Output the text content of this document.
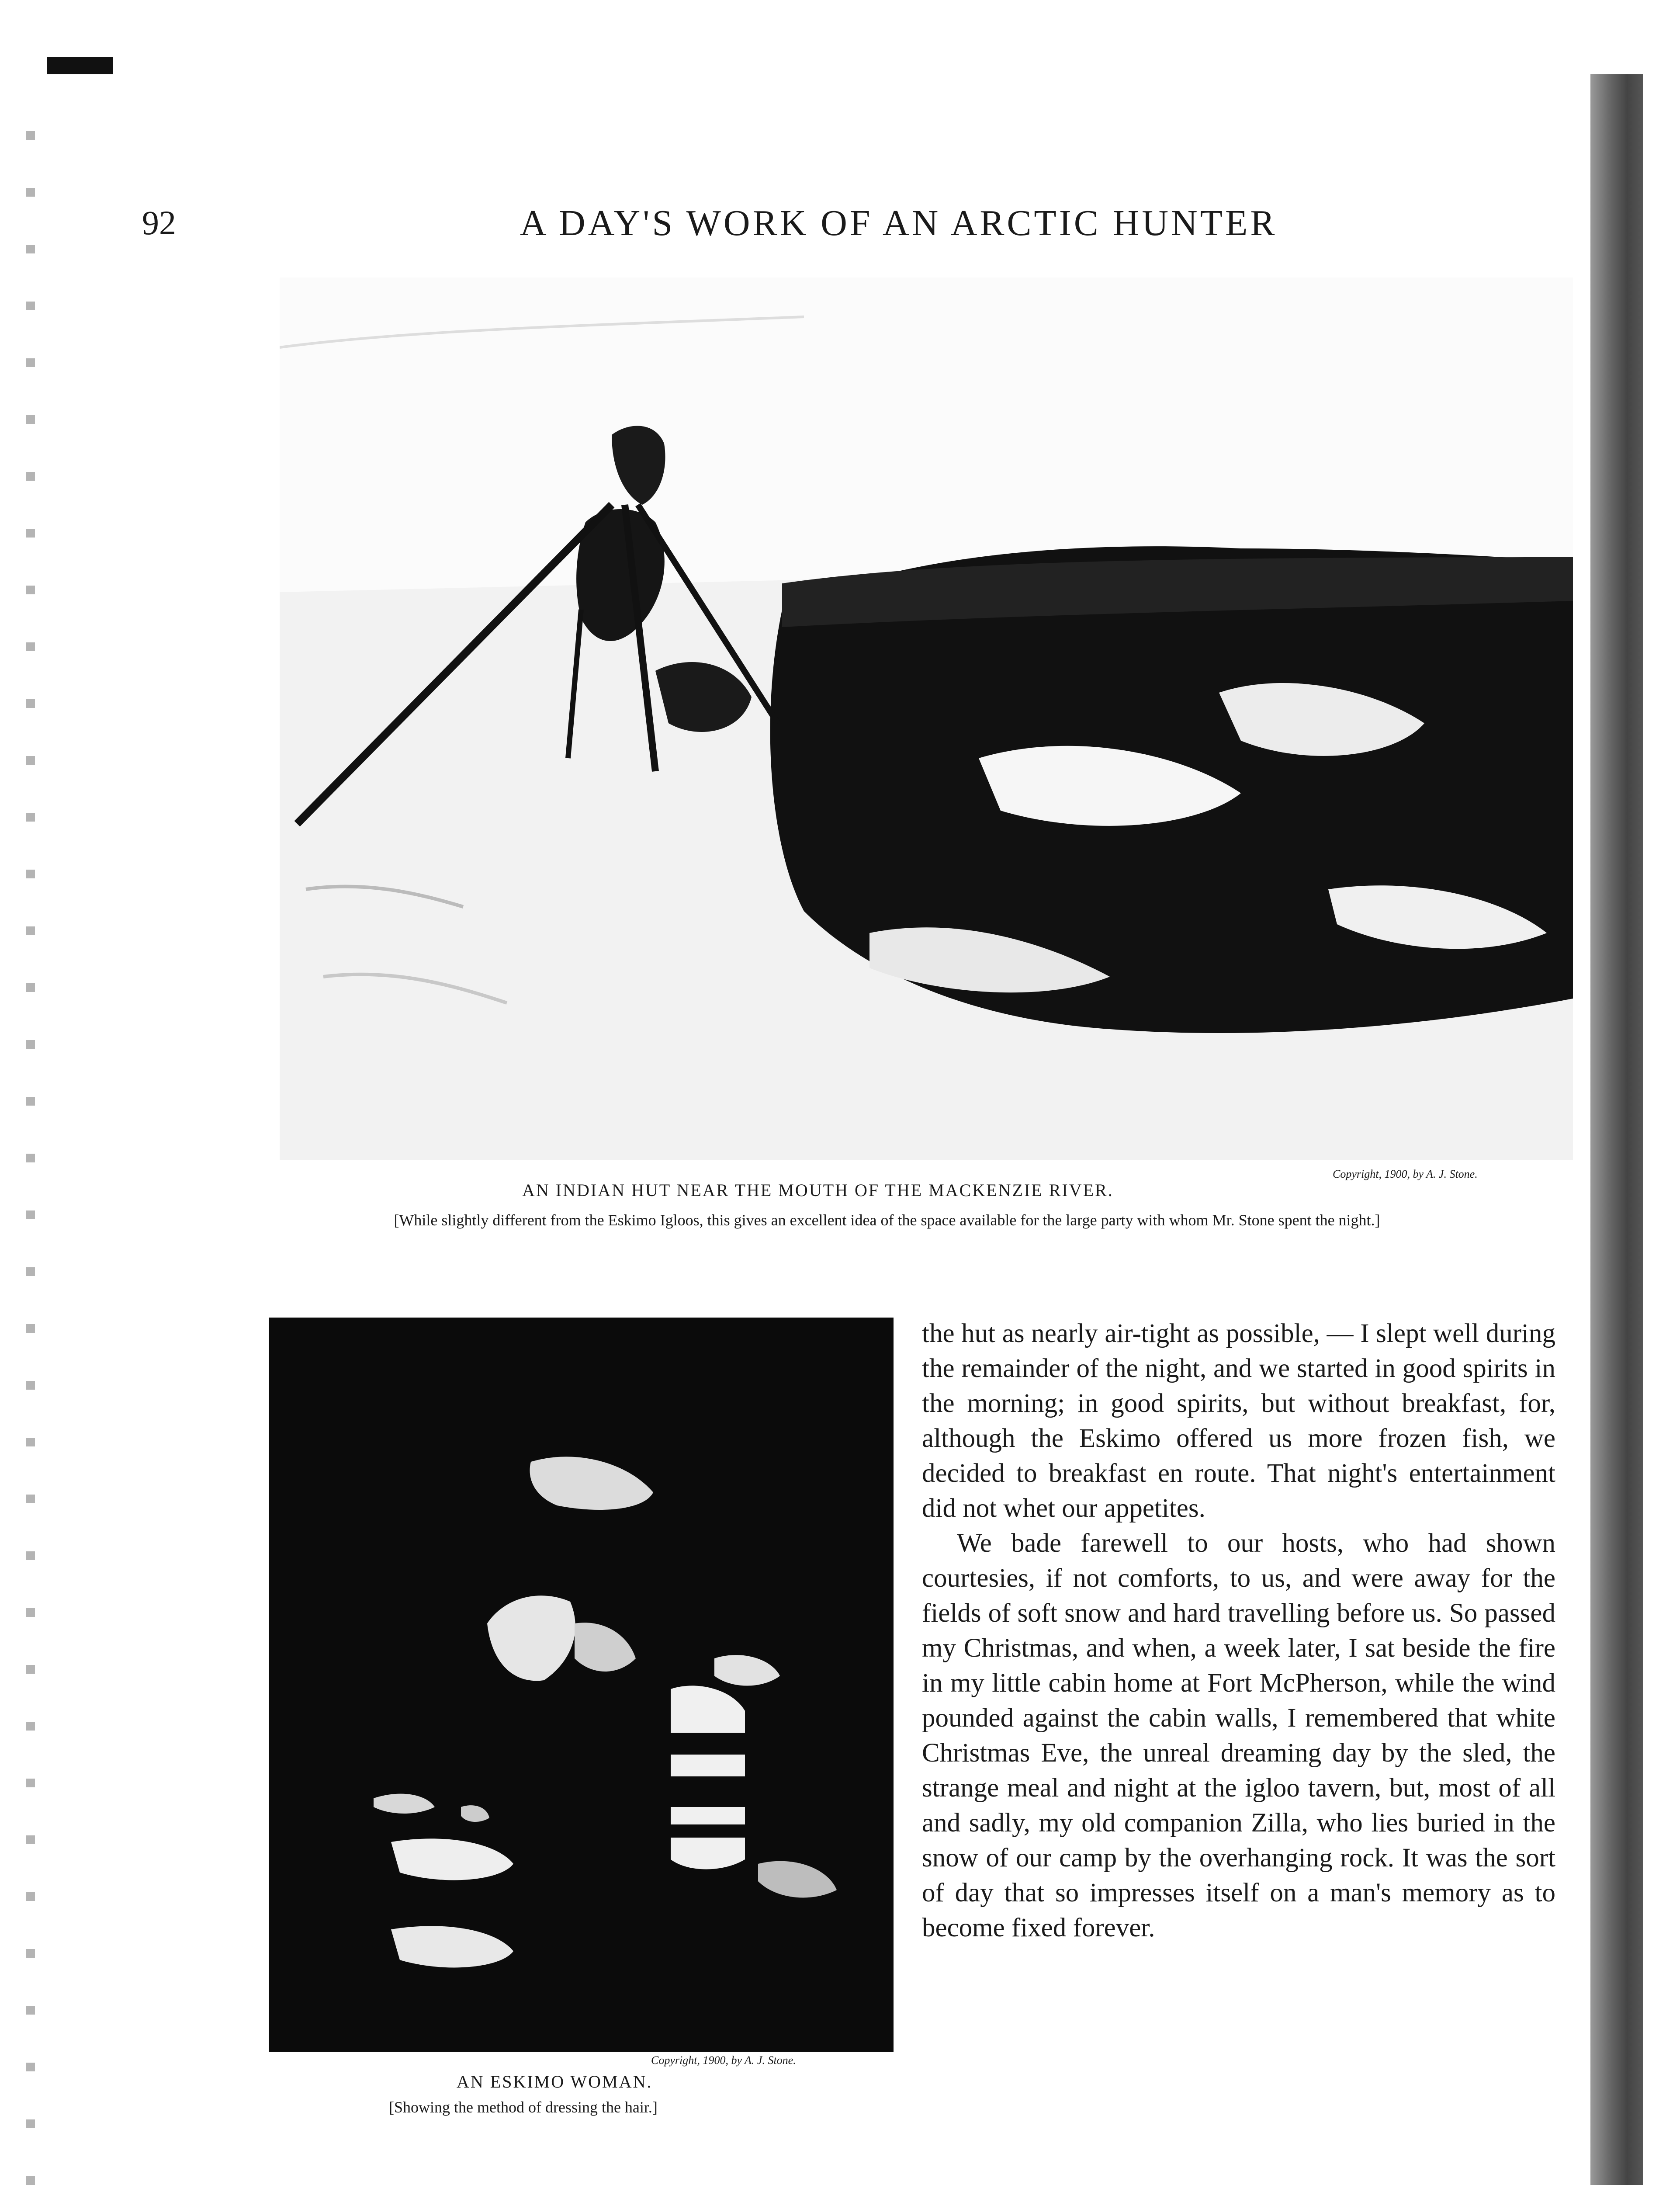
92	A DAY'S WORK OF AN ARCTIC HUNTER
Copyright, 1900, by A. J. Stone.
AN INDIAN HUT NEAR THE MOUTH OF THE MACKENZIE RIVER.
[While slightly different from the Eskimo Igloos, this gives an excellent idea of the space available for the large party with whom Mr. Stone spent the night.]
Copyright, 1900, by A. J. Stone.
AN ESKIMO WOMAN.
[Showing the method of dressing the hair.]

the hut as nearly air-tight as possible, — I slept well during the remainder of the night, and we started in good spirits in the morning; in good spirits, but without breakfast, for, although the Eskimo offered us more frozen fish, we decided to breakfast en route. That night's entertainment did not whet our appetites.

We bade farewell to our hosts, who had shown courtesies, if not comforts, to us, and were away for the fields of soft snow and hard travelling before us. So passed my Christmas, and when, a week later, I sat beside the fire in my little cabin home at Fort McPherson, while the wind pounded against the cabin walls, I remembered that white Christmas Eve, the unreal dreaming day by the sled, the strange meal and night at the igloo tavern, but, most of all and sadly, my old companion Zilla, who lies buried in the snow of our camp by the overhanging rock. It was the sort of day that so impresses itself on a man's memory as to become fixed forever.
